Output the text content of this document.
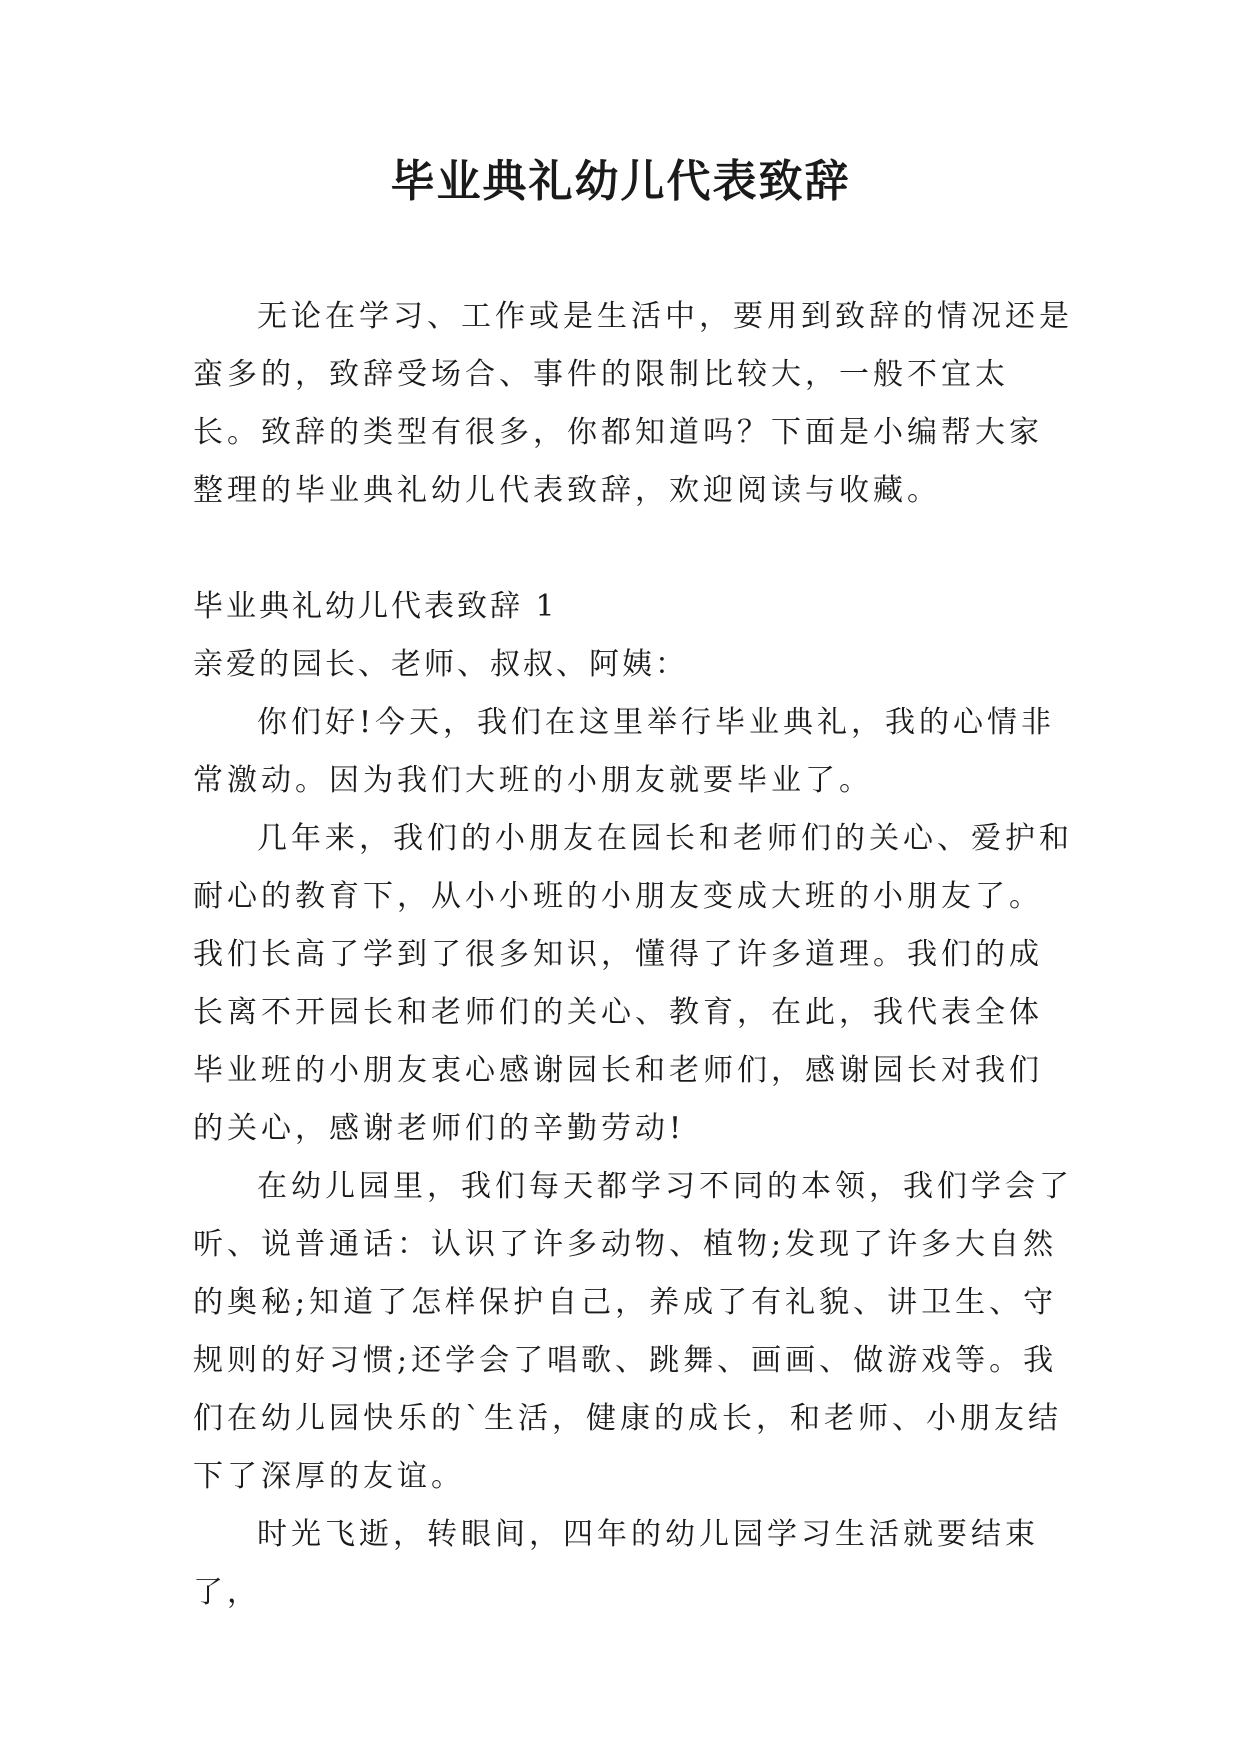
毕业典礼幼儿代表致辞

无论在学习、工作或是生活中，要用到致辞的情况还是蛮多的，致辞受场合、事件的限制比较大，一般不宜太长。致辞的类型有很多，你都知道吗？下面是小编帮大家整理的毕业典礼幼儿代表致辞，欢迎阅读与收藏。

毕业典礼幼儿代表致辞 1

亲爱的园长、老师、叔叔、阿姨：

你们好!今天，我们在这里举行毕业典礼，我的心情非常激动。因为我们大班的小朋友就要毕业了。

几年来，我们的小朋友在园长和老师们的关心、爱护和耐心的教育下，从小小班的小朋友变成大班的小朋友了。我们长高了学到了很多知识，懂得了许多道理。我们的成长离不开园长和老师们的关心、教育，在此，我代表全体毕业班的小朋友衷心感谢园长和老师们，感谢园长对我们的关心，感谢老师们的辛勤劳动!

在幼儿园里，我们每天都学习不同的本领，我们学会了听、说普通话：认识了许多动物、植物;发现了许多大自然的奥秘;知道了怎样保护自己，养成了有礼貌、讲卫生、守规则的好习惯;还学会了唱歌、跳舞、画画、做游戏等。我们在幼儿园快乐的`生活，健康的成长，和老师、小朋友结下了深厚的友谊。

时光飞逝，转眼间，四年的幼儿园学习生活就要结束了，
